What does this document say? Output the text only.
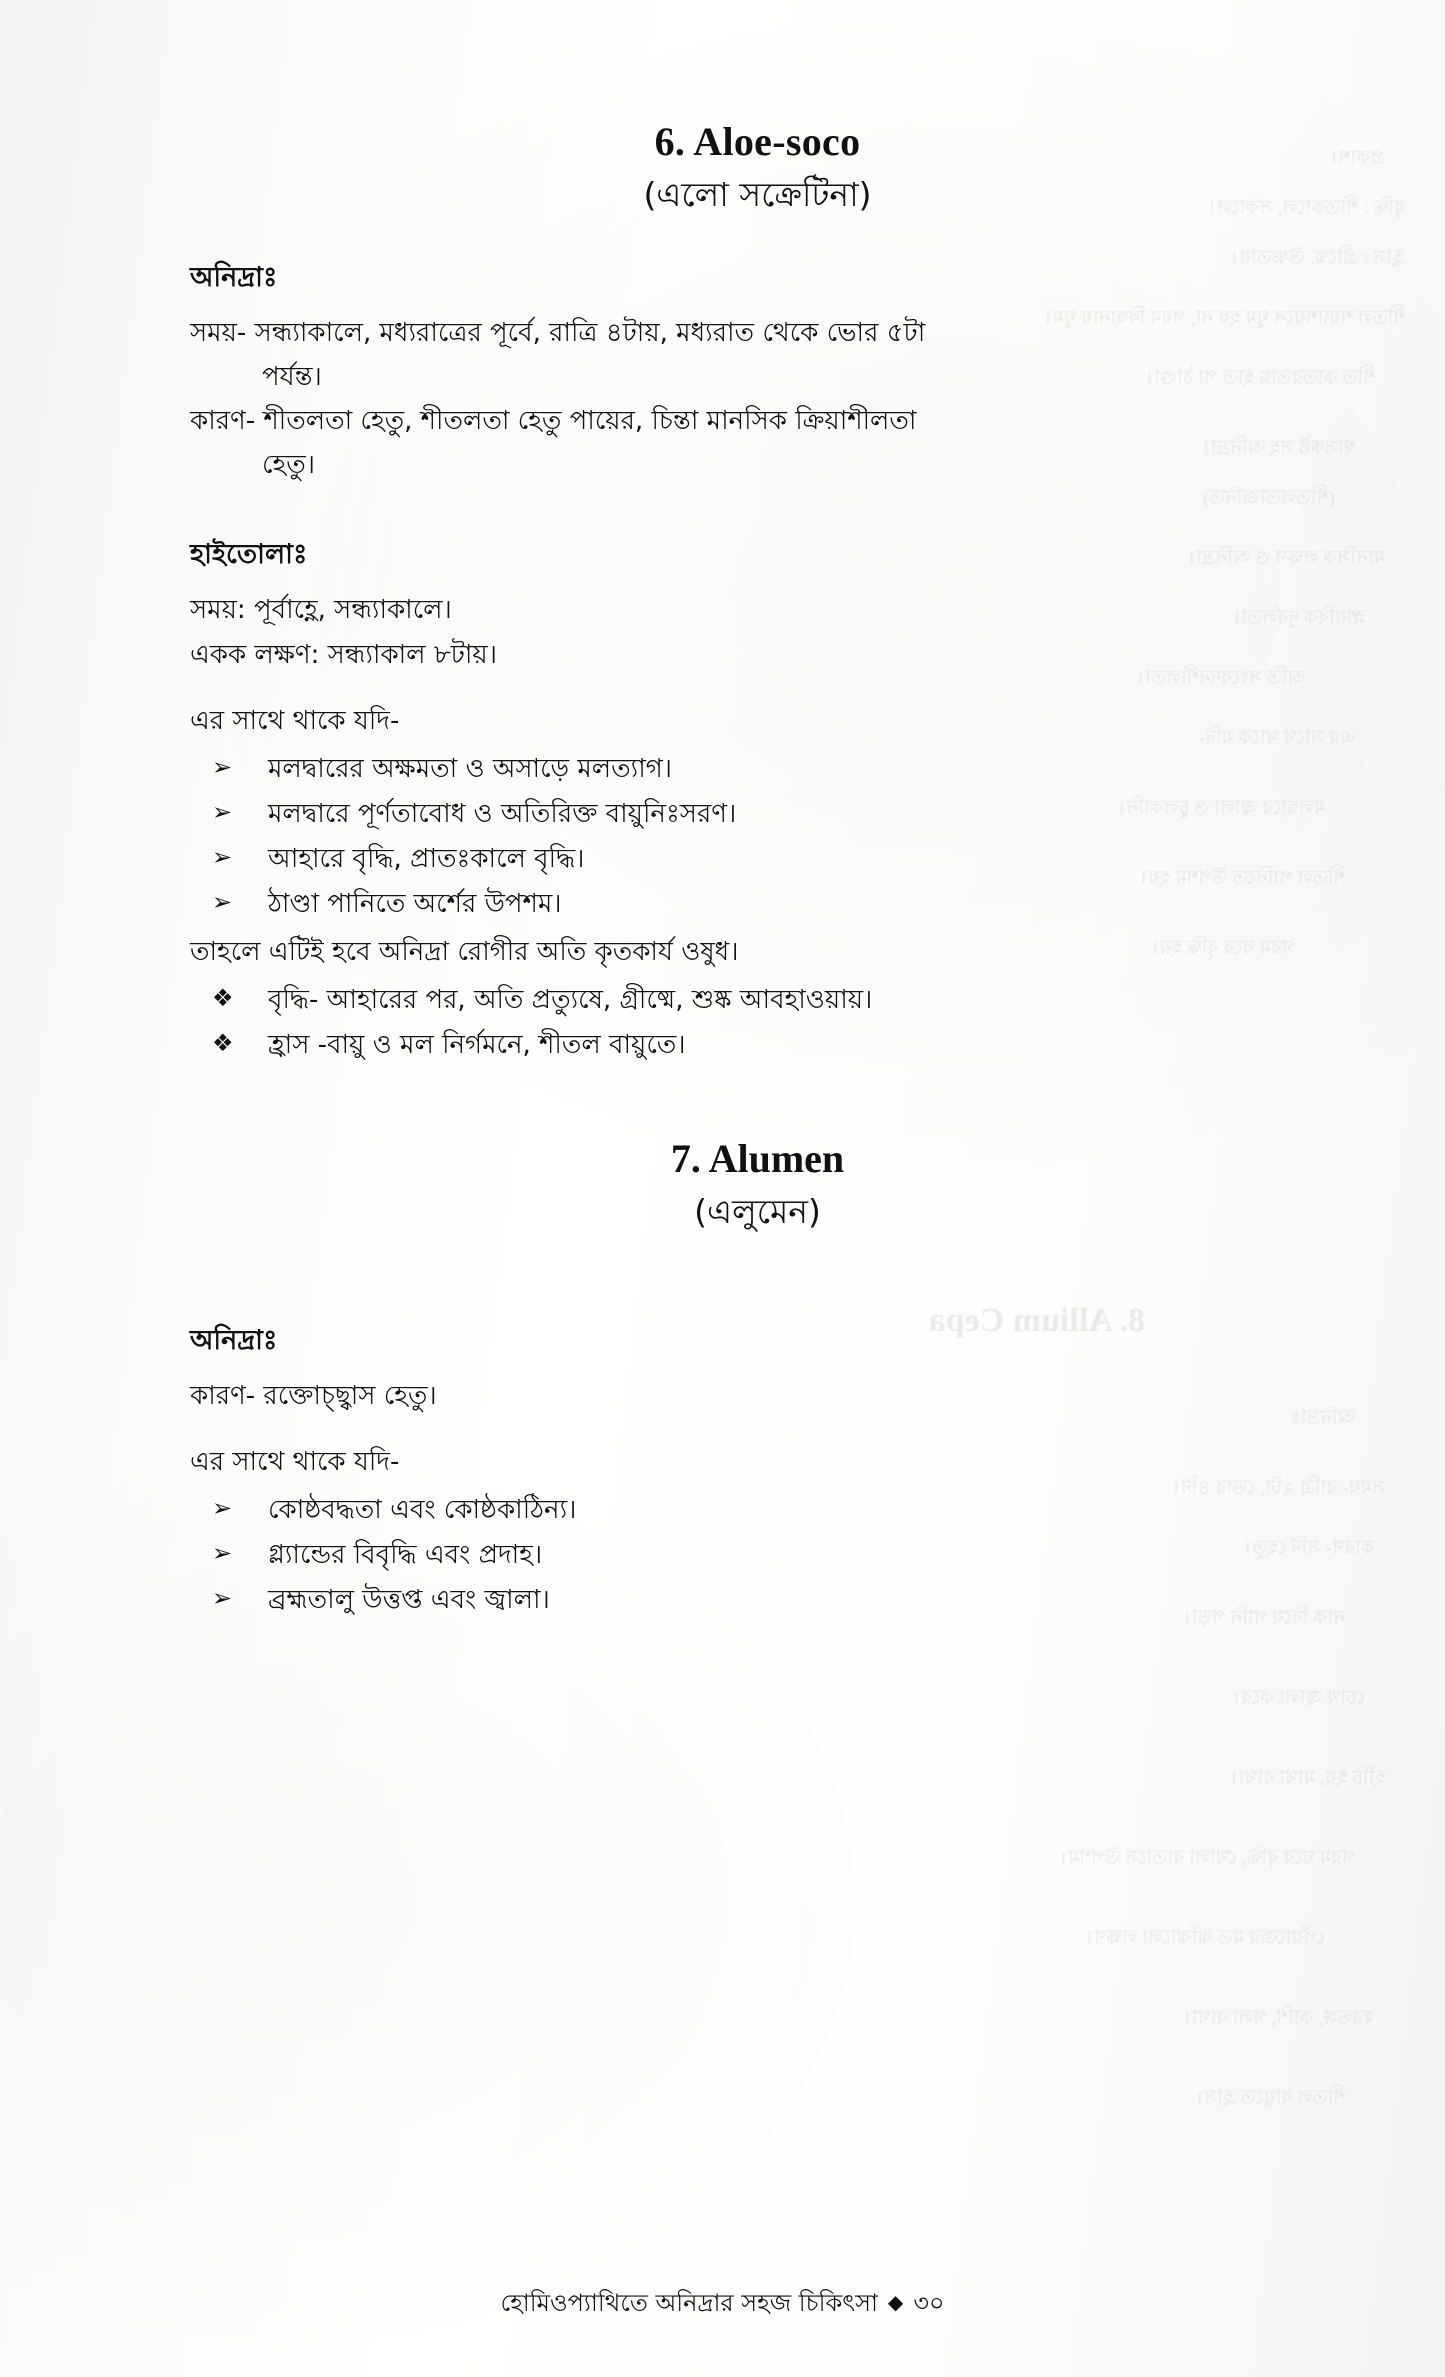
প্রকাশ।
বৃদ্ধি : শীতকালে, সকালে।
হ্রাস : গ্রীষ্মে, উষ্ণতায়।
শীতল শয্যাশয়নে ঘুম হয় না, গরম বিছানায় ঘুম।
শীত কাতরতায় হাত পা ঠাণ্ডা।
শ্বাসকষ্ট সহ অনিদ্রা।
(শীতলতাজনিত)
মানসিক লক্ষণ ও অনিদ্রা।
স্নায়বিক দুর্বলতা।
অতি সংবেদনশীলতা।
এর সাথে থাকে যদি-
মলদ্বারে জ্বালা ও চুলকানি।
শীতল পানিতে উপশম হয়।
গরম ঘরে বৃদ্ধি হয়।
8. Allium Cepa
অনিদ্রাঃ
সময়- রাত্রি ২টা, ভোর ৪টা।
কারণ- সর্দি হেতু।
নাক দিয়ে পানি পড়া।
চোখ জ্বালা করে।
হাঁচি হয়, মাথা ব্যথা।
গরম ঘরে বৃদ্ধি, খোলা বাতাসে উপশম।
পেঁয়াজের মত ঝাঁঝালো লক্ষণ।
স্বরভঙ্গ, কাশি, গলা ব্যথা।
শীতল বায়ুতে হ্রাস।
6. Aloe-soco
(এলো সক্রেটিনা)
অনিদ্রাঃ
সময়- সন্ধ্যাকালে, মধ্যরাত্রের পূর্বে, রাত্রি ৪টায়, মধ্যরাত থেকে ভোর ৫টা
পর্যন্ত।
কারণ- শীতলতা হেতু, শীতলতা হেতু পায়ের, চিন্তা মানসিক ক্রিয়াশীলতা
হেতু।
হাইতোলাঃ
সময়: পূর্বাহ্ণে, সন্ধ্যাকালে।
একক লক্ষণ: সন্ধ্যাকাল ৮টায়।
এর সাথে থাকে যদি-
➢	মলদ্বারের অক্ষমতা ও অসাড়ে মলত্যাগ।
➢	মলদ্বারে পূর্ণতাবোধ ও অতিরিক্ত বায়ুনিঃসরণ।
➢	আহারে বৃদ্ধি, প্রাতঃকালে বৃদ্ধি।
➢	ঠাণ্ডা পানিতে অর্শের উপশম।
তাহলে এটিই হবে অনিদ্রা রোগীর অতি কৃতকার্য ওষুধ।
❖	বৃদ্ধি- আহারের পর, অতি প্রত্যুষে, গ্রীষ্মে, শুষ্ক আবহাওয়ায়।
❖	হ্রাস -বায়ু ও মল নির্গমনে, শীতল বায়ুতে।
7. Alumen
(এলুমেন)
অনিদ্রাঃ
কারণ- রক্তোচ্ছ্বাস হেতু।
এর সাথে থাকে যদি-
➢	কোষ্ঠবদ্ধতা এবং কোষ্ঠকাঠিন্য।
➢	গ্ল্যান্ডের বিবৃদ্ধি এবং প্রদাহ।
➢	ব্রহ্মতালু উত্তপ্ত এবং জ্বালা।
হোমিওপ্যাথিতে অনিদ্রার সহজ চিকিৎসা ◆ ৩০
